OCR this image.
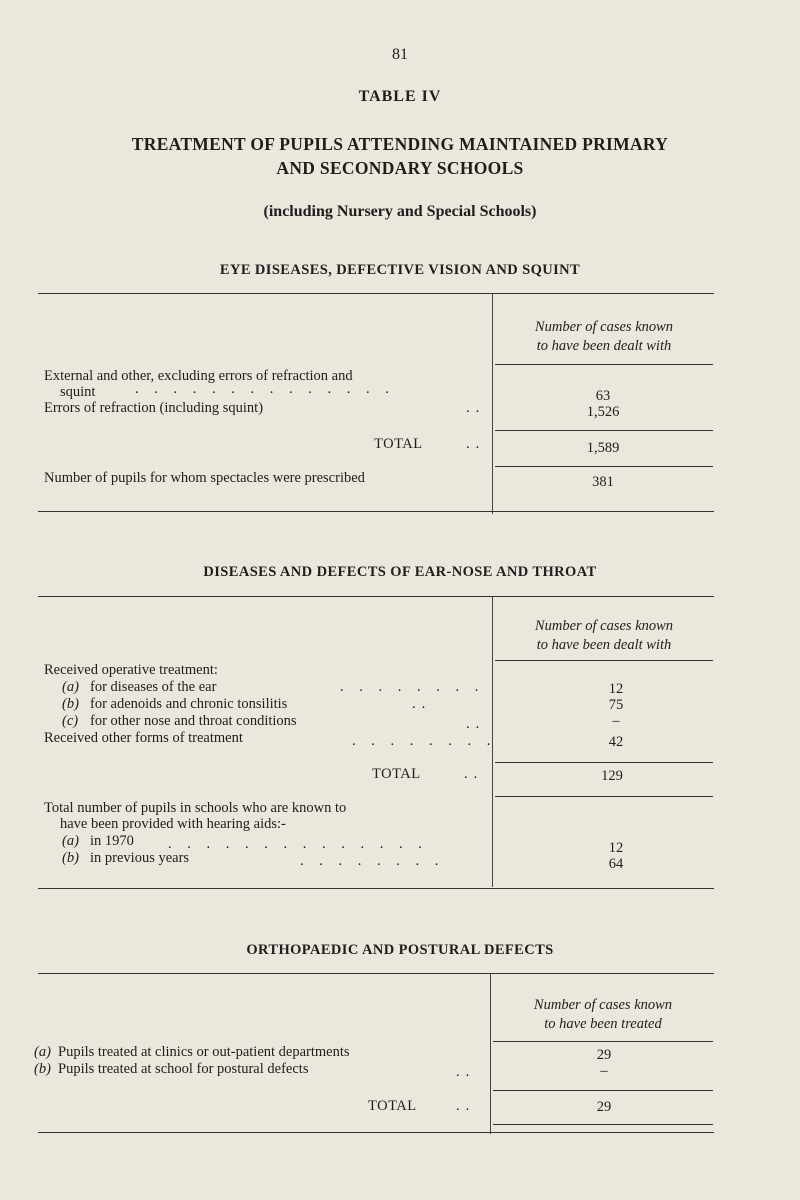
81
TABLE IV
TREATMENT OF PUPILS ATTENDING MAINTAINED PRIMARY
AND SECONDARY SCHOOLS
(including Nursery and Special Schools)
EYE DISEASES, DEFECTIVE VISION AND SQUINT
Number of cases known
to have been dealt with
External and other, excluding errors of refraction and
squint	. . . . . . . . . . . . . .	63
Errors of refraction (including squint)	..	1,526
TOTAL	..	1,589
Number of pupils for whom spectacles were prescribed	381
DISEASES AND DEFECTS OF EAR-NOSE AND THROAT
Number of cases known
to have been dealt with
Received operative treatment:
(a) for diseases of the ear	. . . . . . . .	12
(b) for adenoids and chronic tonsilitis	..	75
(c) for other nose and throat conditions	..	–
Received other forms of treatment	. . . . . . . .	42
TOTAL	..	129
Total number of pupils in schools who are known to
have been provided with hearing aids:-
(a) in 1970 . . . . . . . . . . . . . .	12
(b) in previous years	. . . . . . . .	64
ORTHOPAEDIC AND POSTURAL DEFECTS
Number of cases known
to have been treated
(a) Pupils treated at clinics or out-patient departments	29
(b) Pupils treated at school for postural defects	..	–
TOTAL	..	29
